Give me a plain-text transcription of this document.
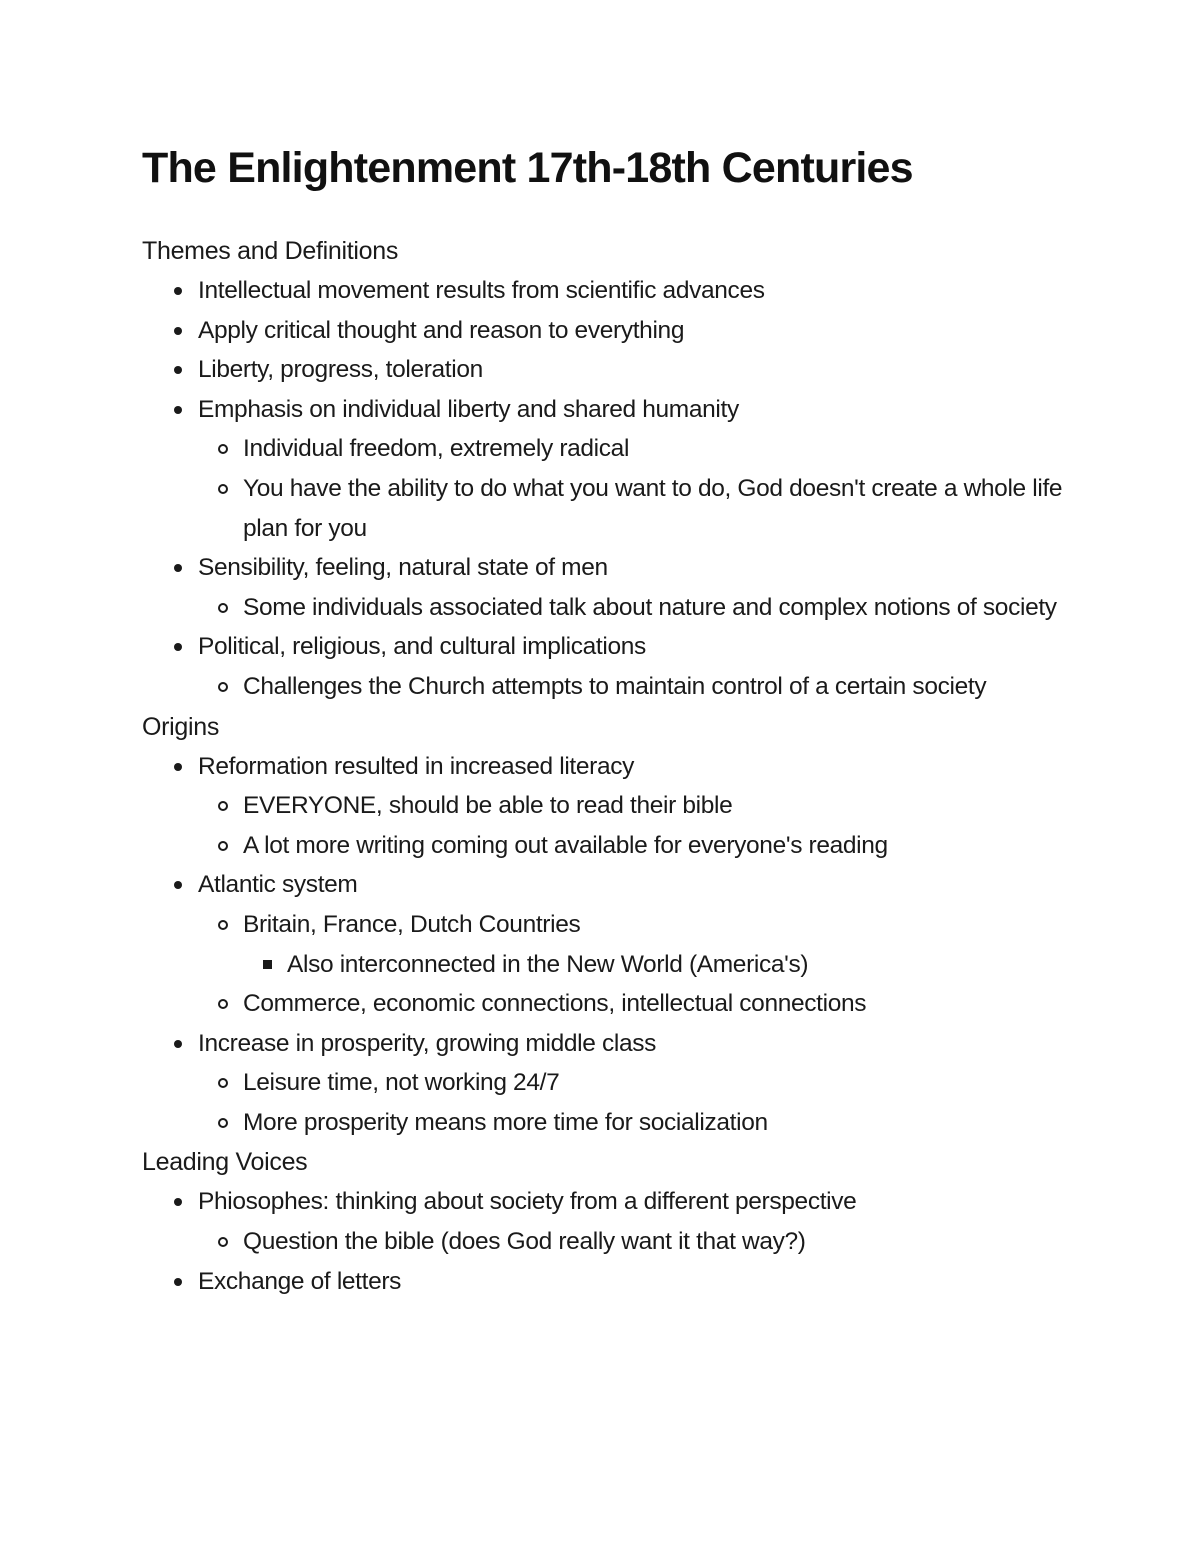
The Enlightenment 17th-18th Centuries
Themes and Definitions
Intellectual movement results from scientific advances
Apply critical thought and reason to everything
Liberty, progress, toleration
Emphasis on individual liberty and shared humanity
Individual freedom, extremely radical
You have the ability to do what you want to do, God doesn't create a whole life plan for you
Sensibility, feeling, natural state of men
Some individuals associated talk about nature and complex notions of society
Political, religious, and cultural implications
Challenges the Church attempts to maintain control of a certain society
Origins
Reformation resulted in increased literacy
EVERYONE, should be able to read their bible
A lot more writing coming out available for everyone's reading
Atlantic system
Britain, France, Dutch Countries
Also interconnected in the New World (America's)
Commerce, economic connections, intellectual connections
Increase in prosperity, growing middle class
Leisure time, not working 24/7
More prosperity means more time for socialization
Leading Voices
Phiosophes: thinking about society from a different perspective
Question the bible (does God really want it that way?)
Exchange of letters
